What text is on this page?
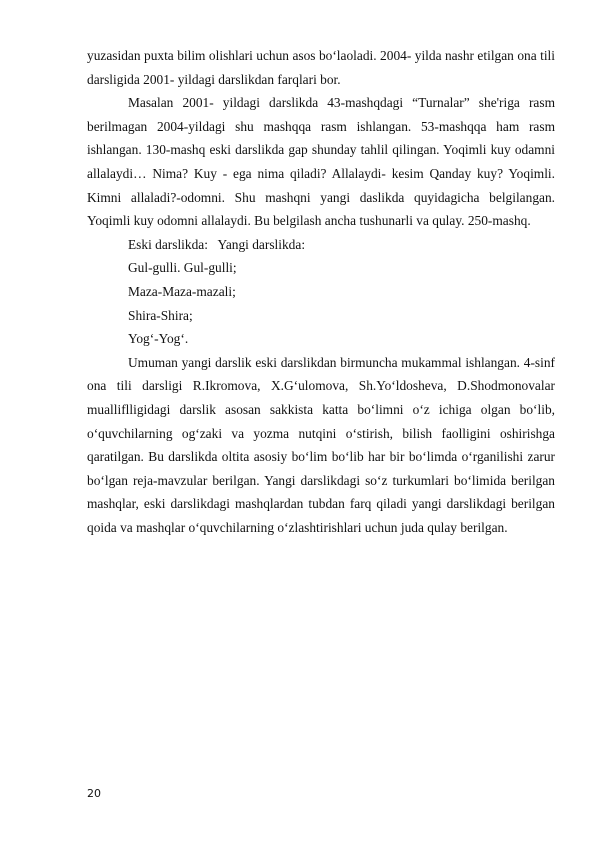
yuzasidan puxta bilim olishlari uchun asos bo‘laoladi. 2004- yilda nashr etilgan ona tili darsligida 2001- yildagi darslikdan farqlari bor.

Masalan 2001- yildagi darslikda 43-mashqdagi “Turnalar” she'riga rasm berilmagan 2004-yildagi shu mashqqa rasm ishlangan. 53-mashqqa ham rasm ishlangan. 130-mashq eski darslikda gap shunday tahlil qilingan. Yoqimli kuy odamni allalaydi… Nima? Kuy - ega nima qiladi? Allalaydi- kesim Qanday kuy? Yoqimli. Kimni allaladi?-odomni. Shu mashqni yangi daslikda quyidagicha belgilangan. Yoqimli kuy odomni allalaydi. Bu belgilash ancha tushunarli va qulay. 250-mashq.

Eski darslikda:   Yangi darslikda:

Gul-gulli. Gul-gulli;

Maza-Maza-mazali;

Shira-Shira;

Yog‘-Yog‘.

Umuman yangi darslik eski darslikdan birmuncha mukammal ishlangan. 4-sinf ona tili darsligi R.Ikromova, X.G‘ulomova, Sh.Yo‘ldosheva, D.Shodmonovalar mualliflligidagi darslik asosan sakkista katta bo‘limni o‘z ichiga olgan bo‘lib, o‘quvchilarning og‘zaki va yozma nutqini o‘stirish, bilish faolligini oshirishga qaratilgan. Bu darslikda oltita asosiy bo‘lim bo‘lib har bir bo‘limda o‘rganilishi zarur bo‘lgan reja-mavzular berilgan. Yangi darslikdagi so‘z turkumlari bo‘limida berilgan mashqlar, eski darslikdagi mashqlardan tubdan farq qiladi yangi darslikdagi berilgan qoida va mashqlar o‘quvchilarning o‘zlashtirishlari uchun juda qulay berilgan.

20
